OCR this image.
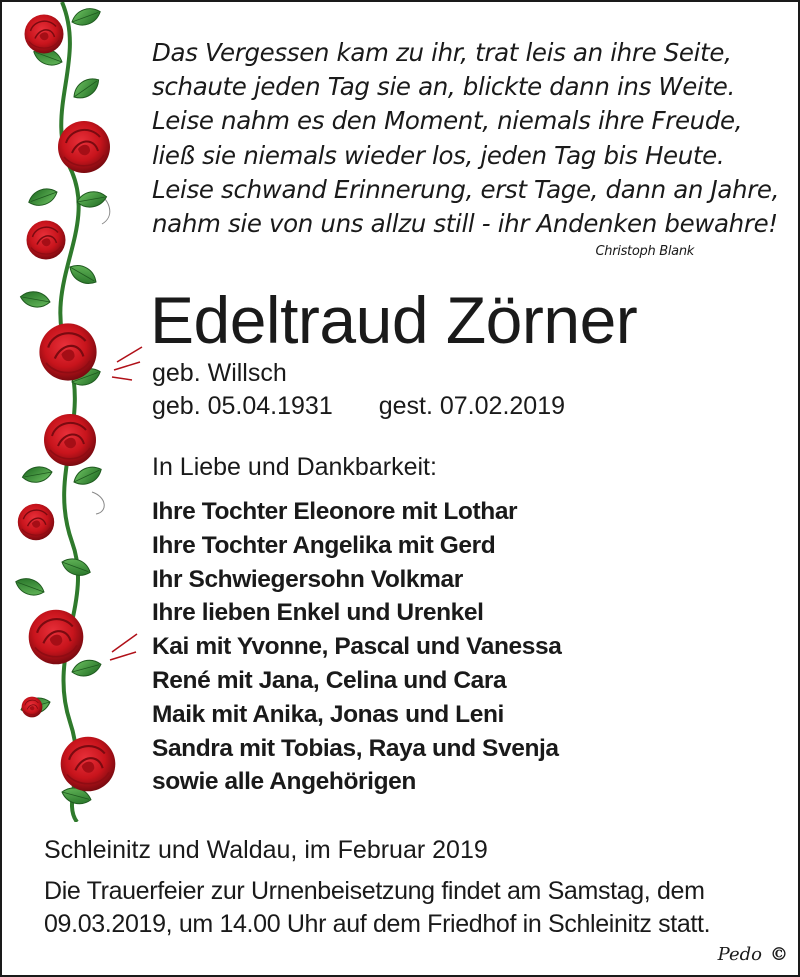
Das Vergessen kam zu ihr, trat leis an ihre Seite,
schaute jeden Tag sie an, blickte dann ins Weite.
Leise nahm es den Moment, niemals ihre Freude,
ließ sie niemals wieder los, jeden Tag bis Heute.
Leise schwand Erinnerung, erst Tage, dann an Jahre,
nahm sie von uns allzu still - ihr Andenken bewahre!
Christoph Blank
Edeltraud Zörner
geb. Willsch
geb. 05.04.1931 gest. 07.02.2019
In Liebe und Dankbarkeit:
Ihre Tochter Eleonore mit Lothar
Ihre Tochter Angelika mit Gerd
Ihr Schwiegersohn Volkmar
Ihre lieben Enkel und Urenkel
Kai mit Yvonne, Pascal und Vanessa
René mit Jana, Celina und Cara
Maik mit Anika, Jonas und Leni
Sandra mit Tobias, Raya und Svenja
sowie alle Angehörigen
Schleinitz und Waldau, im Februar 2019
Die Trauerfeier zur Urnenbeisetzung findet am Samstag, dem
09.03.2019, um 14.00 Uhr auf dem Friedhof in Schleinitz statt.
Pedo ©
